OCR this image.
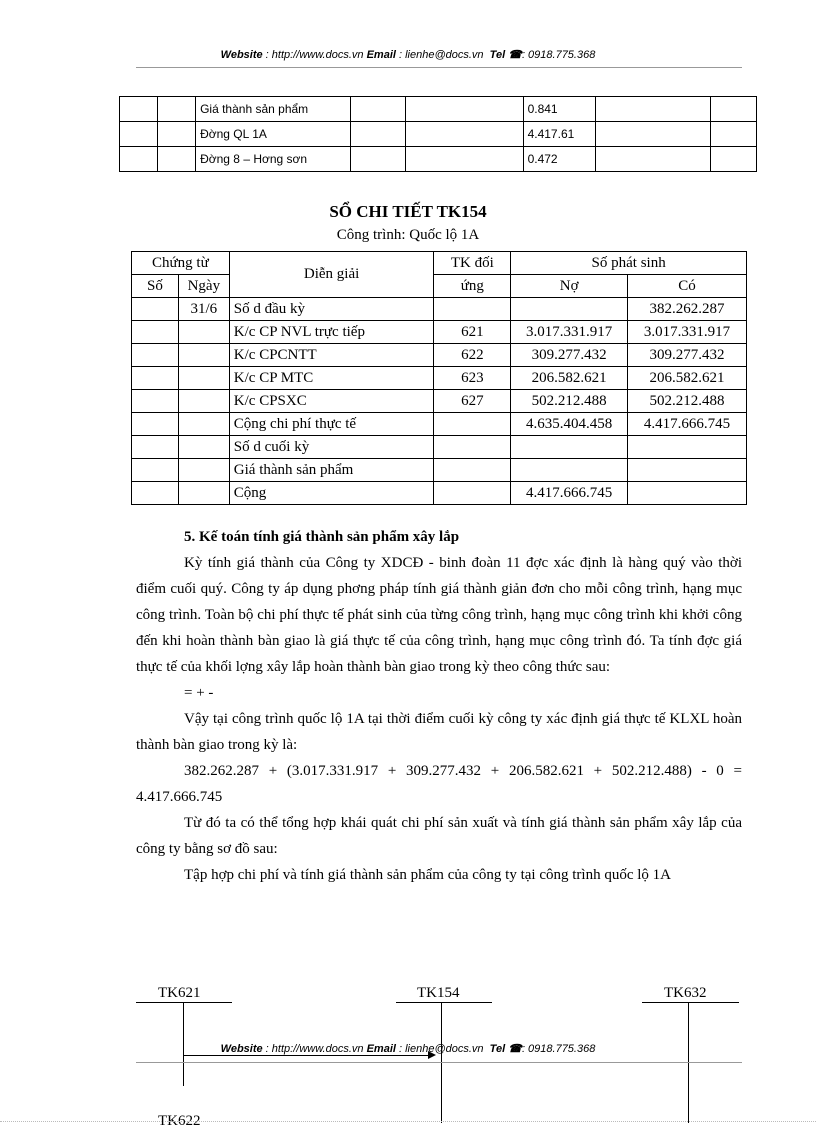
Website : http://www.docs.vn Email : lienhe@docs.vn Tel ☎: 0918.775.368
		Giá thành sản phẩm			0.841		
		Đờng QL 1A			4.417.61		
		Đờng 8 – Hơng sơn			0.472		
SỔ CHI TIẾT TK154
Công trình: Quốc lộ 1A
Chứng từ		Diễn giải	TK đối	Số phát sinh	
Số	Ngày		ứng	Nợ	Có
	31/6	Số d đầu kỳ			382.262.287
		K/c CP NVL trực tiếp	621	3.017.331.917	3.017.331.917
		K/c CPCNTT	622	309.277.432	309.277.432
		K/c CP MTC	623	206.582.621	206.582.621
		K/c CPSXC	627	502.212.488	502.212.488
		Cộng chi phí thực tế		4.635.404.458	4.417.666.745
		Số d cuối kỳ			
		Giá thành sản phẩm			
		Cộng		4.417.666.745	

5. Kế toán tính giá thành sản phẩm xây lắp

Kỳ tính giá thành của Công ty XDCĐ - binh đoàn 11 đợc xác định là hàng quý vào thời điểm cuối quý. Công ty áp dụng phơng pháp tính giá thành giản đơn cho mỗi công trình, hạng mục công trình. Toàn bộ chi phí thực tế phát sinh của từng công trình, hạng mục công trình khi khởi công đến khi hoàn thành bàn giao là giá thực tế của công trình, hạng mục công trình đó. Ta tính đợc giá thực tế của khối lợng xây lắp hoàn thành bàn giao trong kỳ theo công thức sau:

= + -

Vậy tại công trình quốc lộ 1A tại thời điểm cuối kỳ công ty xác định giá thực tế KLXL hoàn thành bàn giao trong kỳ là:

382.262.287 + (3.017.331.917 + 309.277.432 + 206.582.621 + 502.212.488) - 0 = 4.417.666.745

Từ đó ta có thể tổng hợp khái quát chi phí sản xuất và tính giá thành sản phẩm xây lắp của công ty bằng sơ đồ sau:

Tập hợp chi phí và tính giá thành sản phẩm của công ty tại công trình quốc lộ 1A

TK621	TK154	TK632
Website : http://www.docs.vn Email : lienhe@docs.vn Tel ☎: 0918.775.368
TK622
